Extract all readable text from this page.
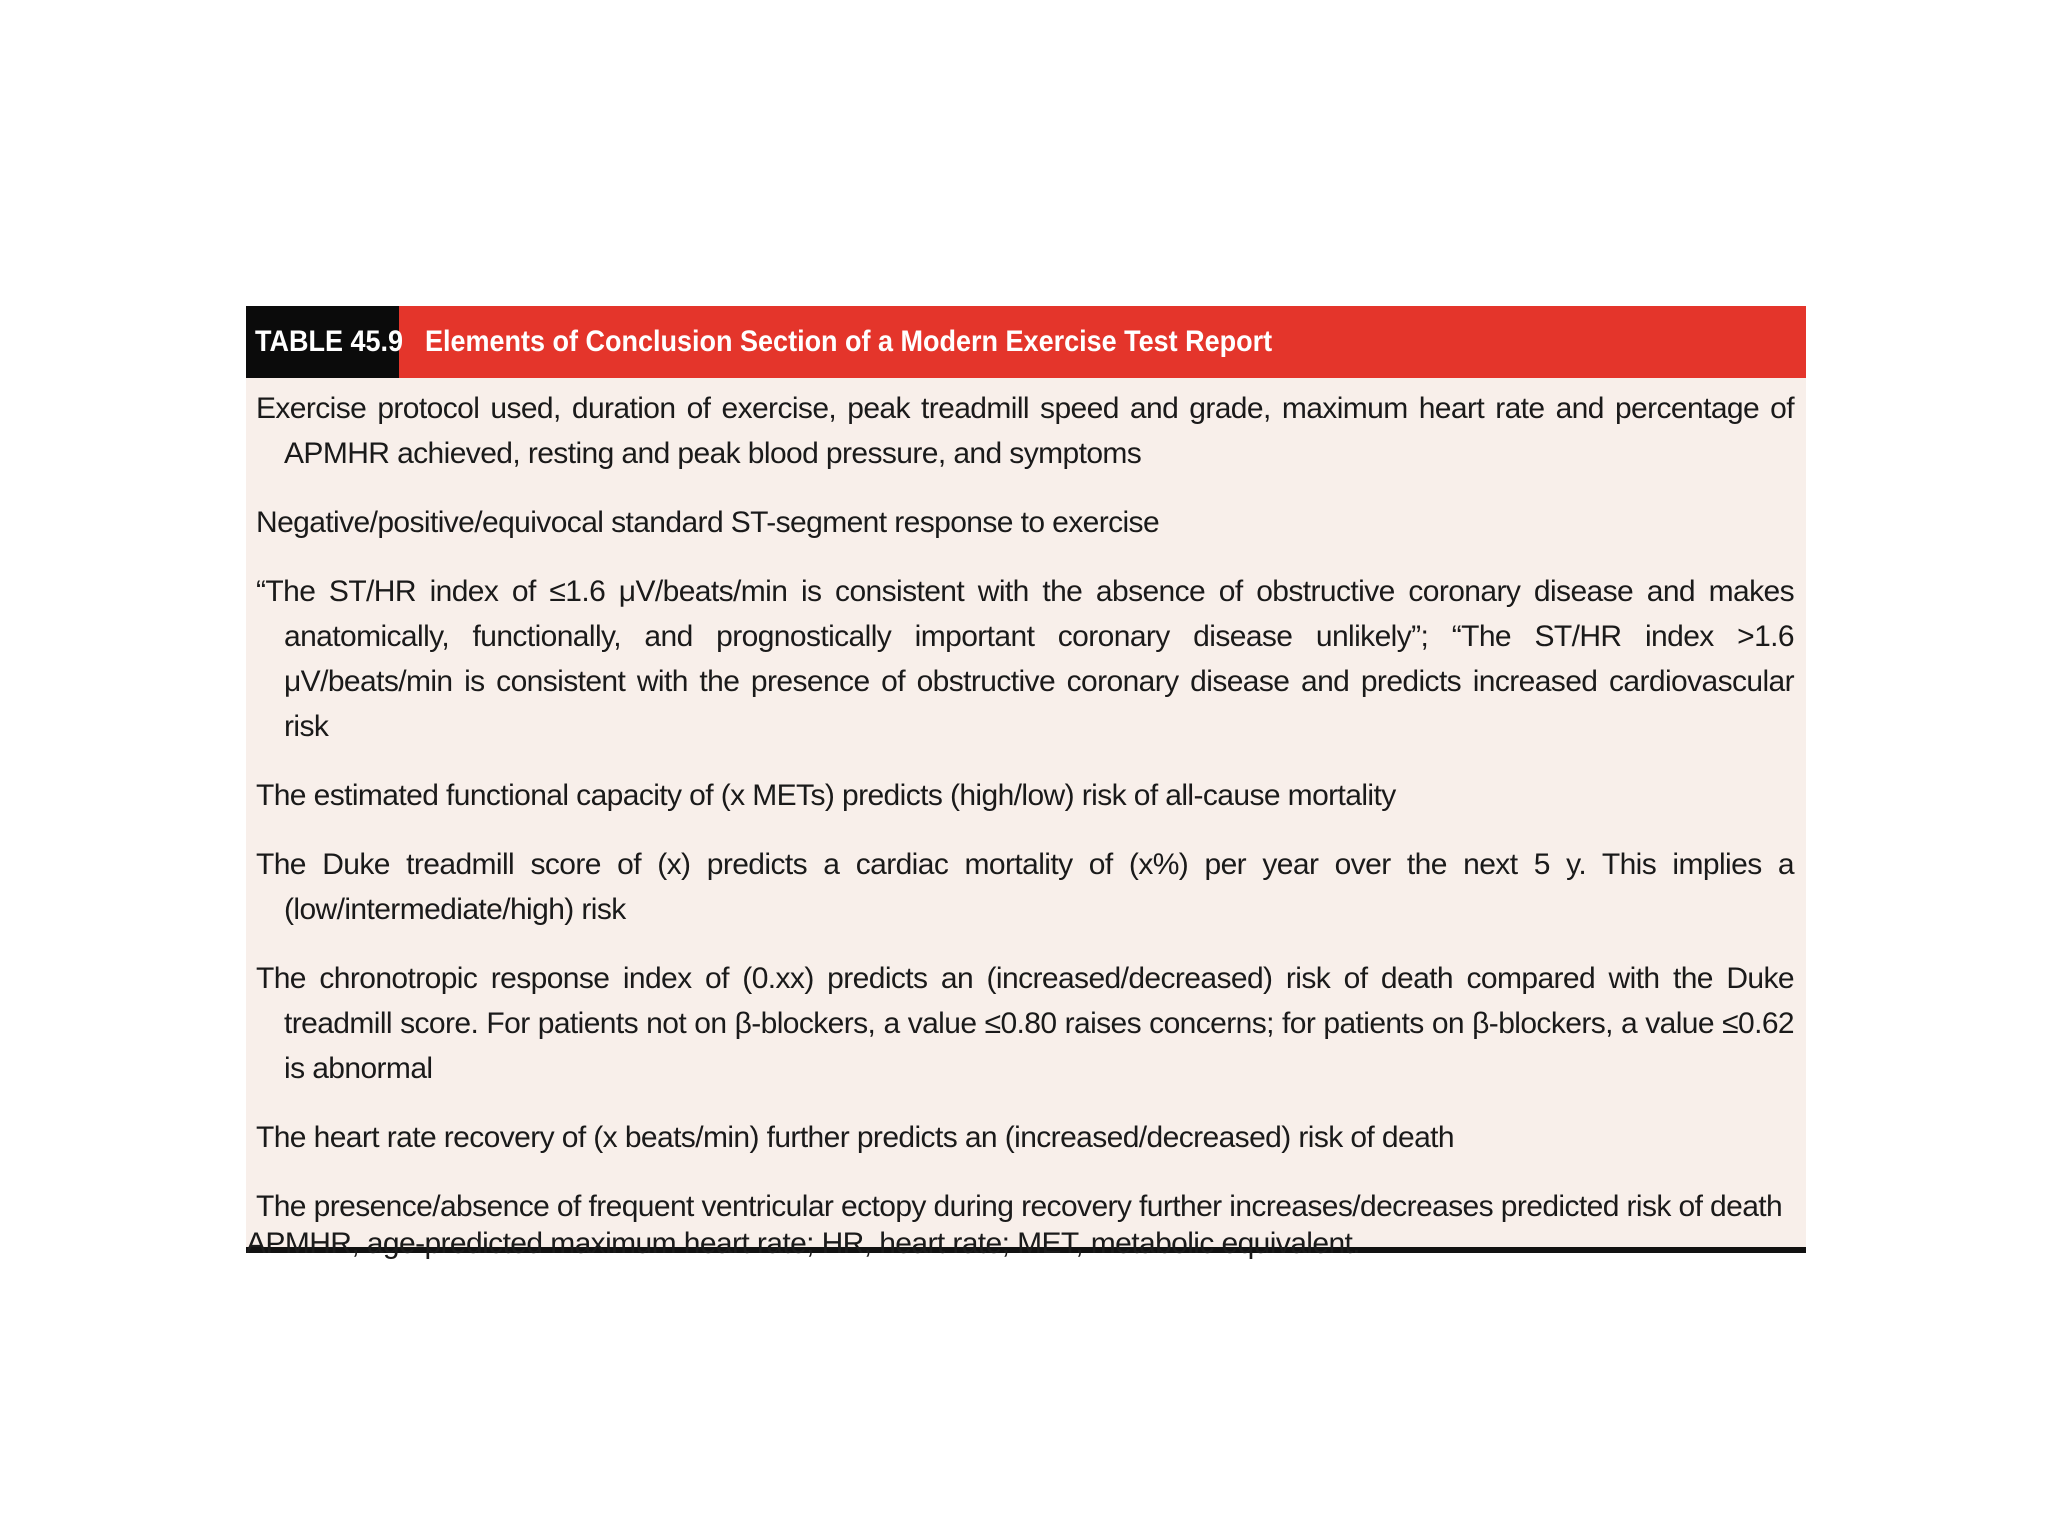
TABLE 45.9 Elements of Conclusion Section of a Modern Exercise Test Report
Exercise protocol used, duration of exercise, peak treadmill speed and grade, maximum heart rate and percentage of APMHR achieved, resting and peak blood pressure, and symptoms
Negative/positive/equivocal standard ST-segment response to exercise
“The ST/HR index of ≤1.6 μV/beats/min is consistent with the absence of obstructive coronary disease and makes anatomically, functionally, and prognostically important coronary disease unlikely”; “The ST/HR index >1.6 μV/beats/min is consistent with the presence of obstructive coronary disease and predicts increased cardiovascular risk
The estimated functional capacity of (x METs) predicts (high/low) risk of all-cause mortality
The Duke treadmill score of (x) predicts a cardiac mortality of (x%) per year over the next 5 y. This implies a (low/intermediate/high) risk
The chronotropic response index of (0.xx) predicts an (increased/decreased) risk of death compared with the Duke treadmill score. For patients not on β-blockers, a value ≤0.80 raises concerns; for patients on β-blockers, a value ≤0.62 is abnormal
The heart rate recovery of (x beats/min) further predicts an (increased/decreased) risk of death
The presence/absence of frequent ventricular ectopy during recovery further increases/decreases predicted risk of death
APMHR, age-predicted maximum heart rate; HR, heart rate; MET, metabolic equivalent.
